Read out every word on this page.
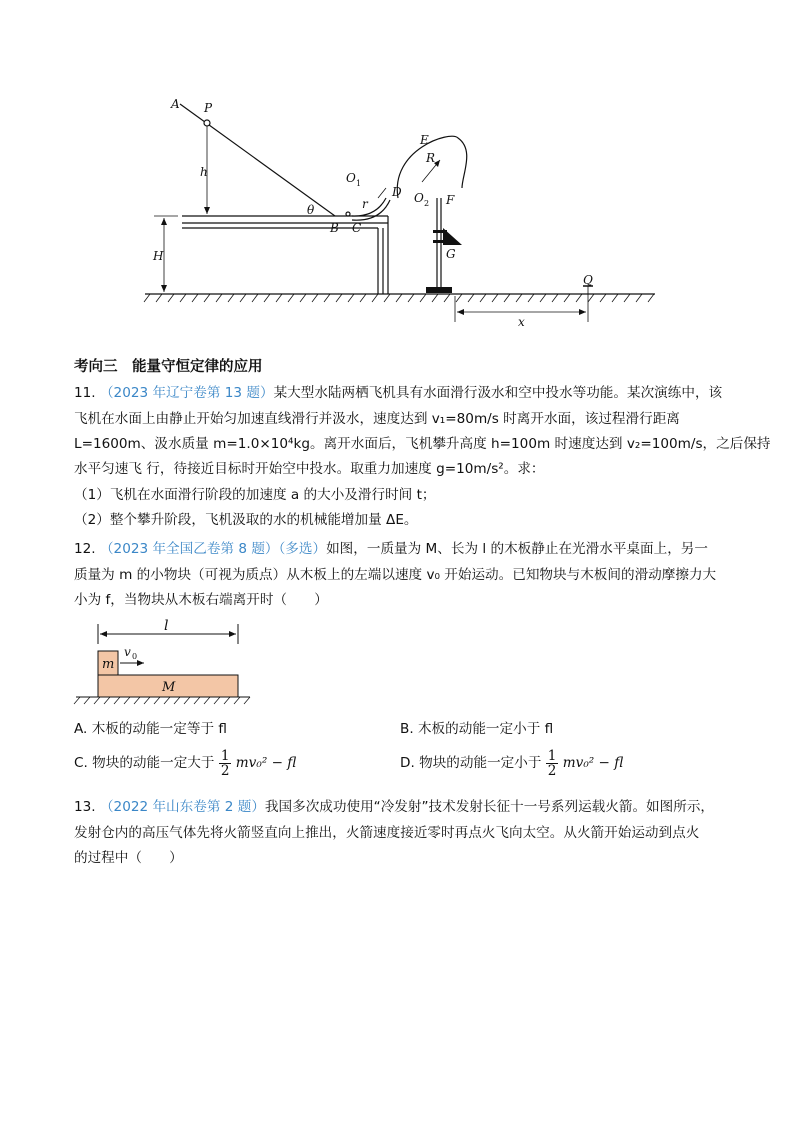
A P
h
H
θ
B C
O 1
r
D
E
R
O 2 F
G
Q
x
考向三　能量守恒定律的应用
11. （2023 年辽宁卷第 13 题）某大型水陆两栖飞机具有水面滑行汲水和空中投水等功能。某次演练中，该
飞机在水面上由静止开始匀加速直线滑行并汲水，速度达到 v₁=80m/s 时离开水面，该过程滑行距离
L=1600m、汲水质量 m=1.0×10⁴kg。离开水面后，飞机攀升高度 h=100m 时速度达到 v₂=100m/s，之后保持
水平匀速飞 行，待接近目标时开始空中投水。取重力加速度 g=10m/s²。求：
（1）飞机在水面滑行阶段的加速度 a 的大小及滑行时间 t；
（2）整个攀升阶段，飞机汲取的水的机械能增加量 ΔE。
12. （2023 年全国乙卷第 8 题）（多选）如图，一质量为 M、长为 l 的木板静止在光滑水平桌面上，另一
质量为 m 的小物块（可视为质点）从木板上的左端以速度 v₀ 开始运动。已知物块与木板间的滑动摩擦力大
小为 f，当物块从木板右端离开时（　　）
l
m
v 0
M
A. 木板的动能一定等于 fl	B. 木板的动能一定小于 fl
C. 物块的动能一定大于 $\frac{1}{2} mv_0^2$ − fl	D. 物块的动能一定小于 $\frac{1}{2} mv_0^2$ − fl
13. （2022 年山东卷第 2 题）我国多次成功使用“冷发射”技术发射长征十一号系列运载火箭。如图所示，
发射仓内的高压气体先将火箭竖直向上推出，火箭速度接近零时再点火飞向太空。从火箭开始运动到点火
的过程中（　　）
